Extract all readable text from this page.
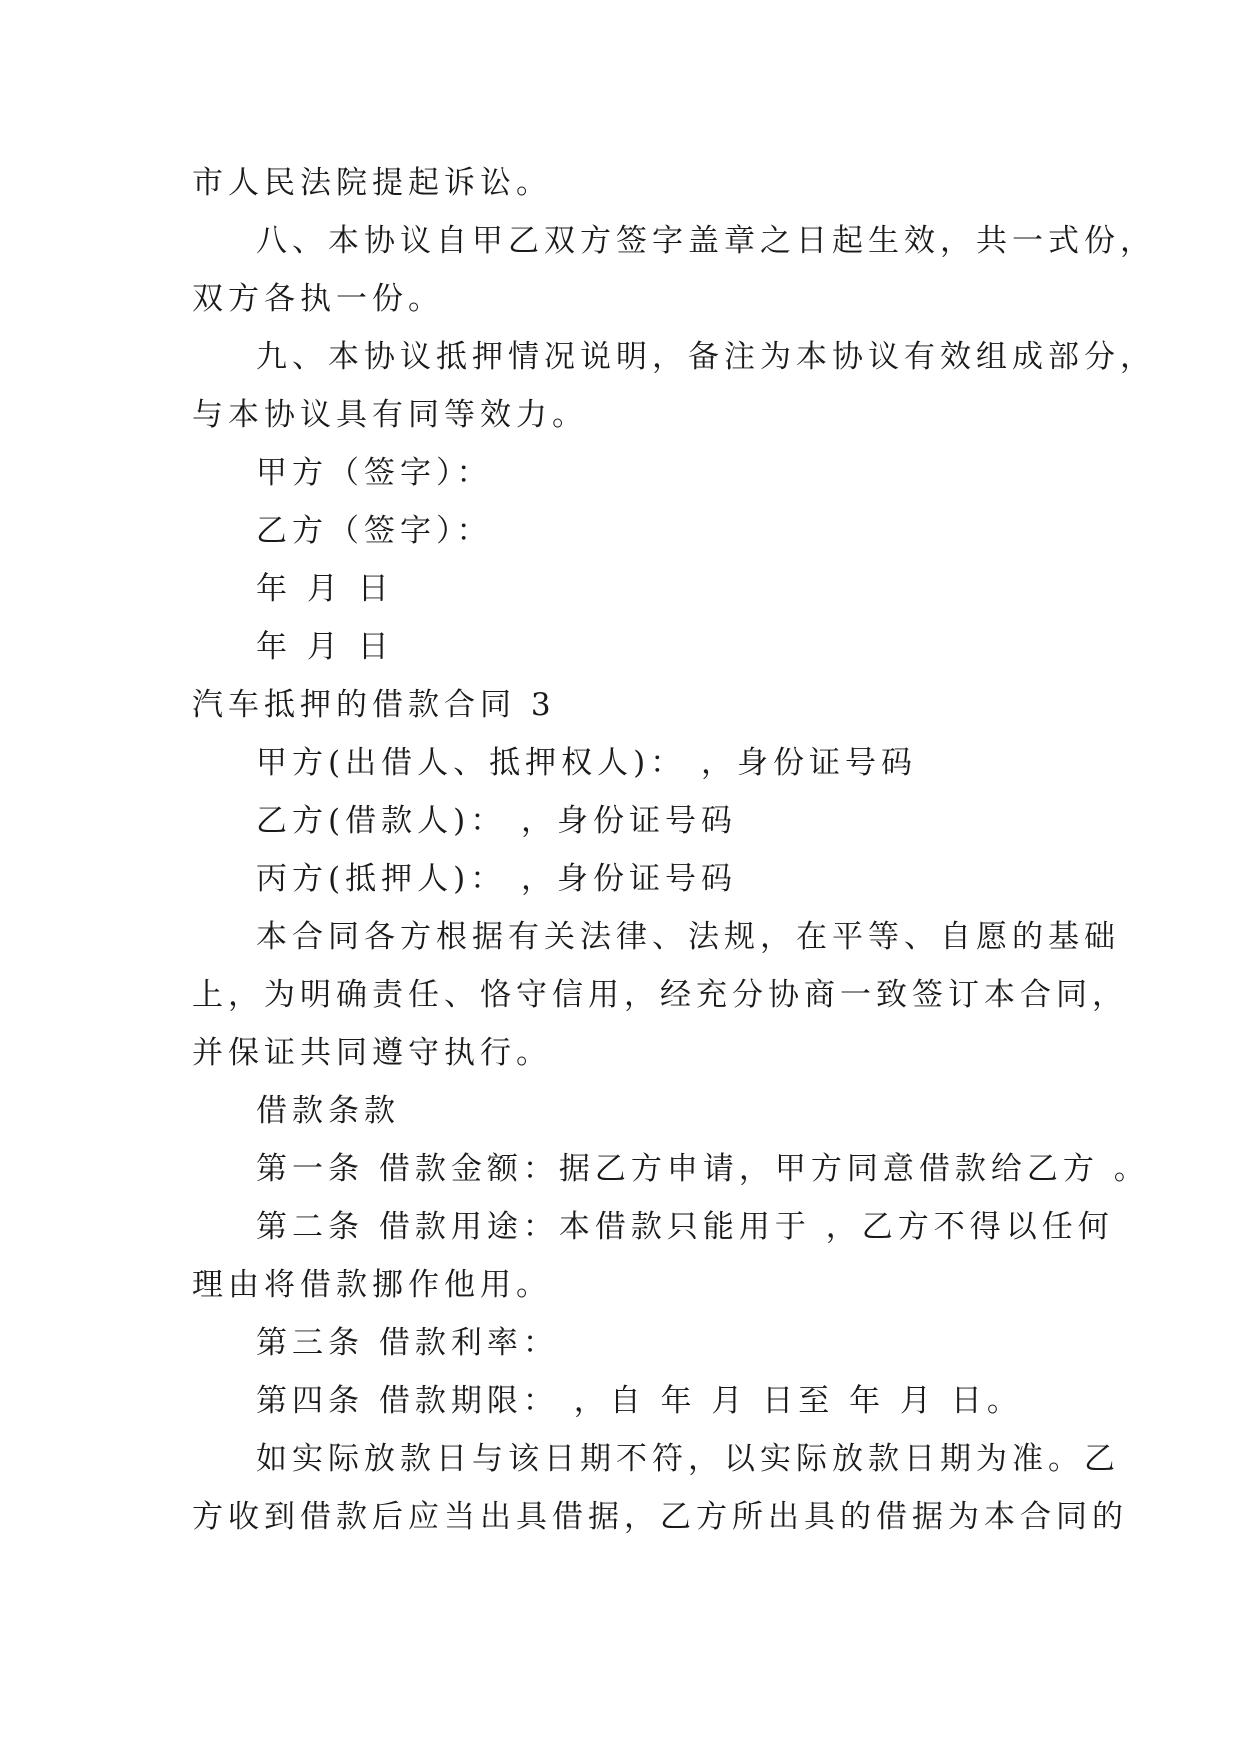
市人民法院提起诉讼。
八、本协议自甲乙双方签字盖章之日起生效，共一式份，
双方各执一份。
九、本协议抵押情况说明，备注为本协议有效组成部分，
与本协议具有同等效力。
甲方（签字）：
乙方（签字）：
年 月 日
年 月 日
汽车抵押的借款合同 3
甲方(出借人、抵押权人)： ，身份证号码
乙方(借款人)： ，身份证号码
丙方(抵押人)： ，身份证号码
本合同各方根据有关法律、法规，在平等、自愿的基础
上，为明确责任、恪守信用，经充分协商一致签订本合同，
并保证共同遵守执行。
借款条款
第一条 借款金额：据乙方申请，甲方同意借款给乙方 。
第二条 借款用途：本借款只能用于 ，乙方不得以任何
理由将借款挪作他用。
第三条 借款利率：
第四条 借款期限： ，自 年 月 日至 年 月 日。
如实际放款日与该日期不符，以实际放款日期为准。乙
方收到借款后应当出具借据，乙方所出具的借据为本合同的
